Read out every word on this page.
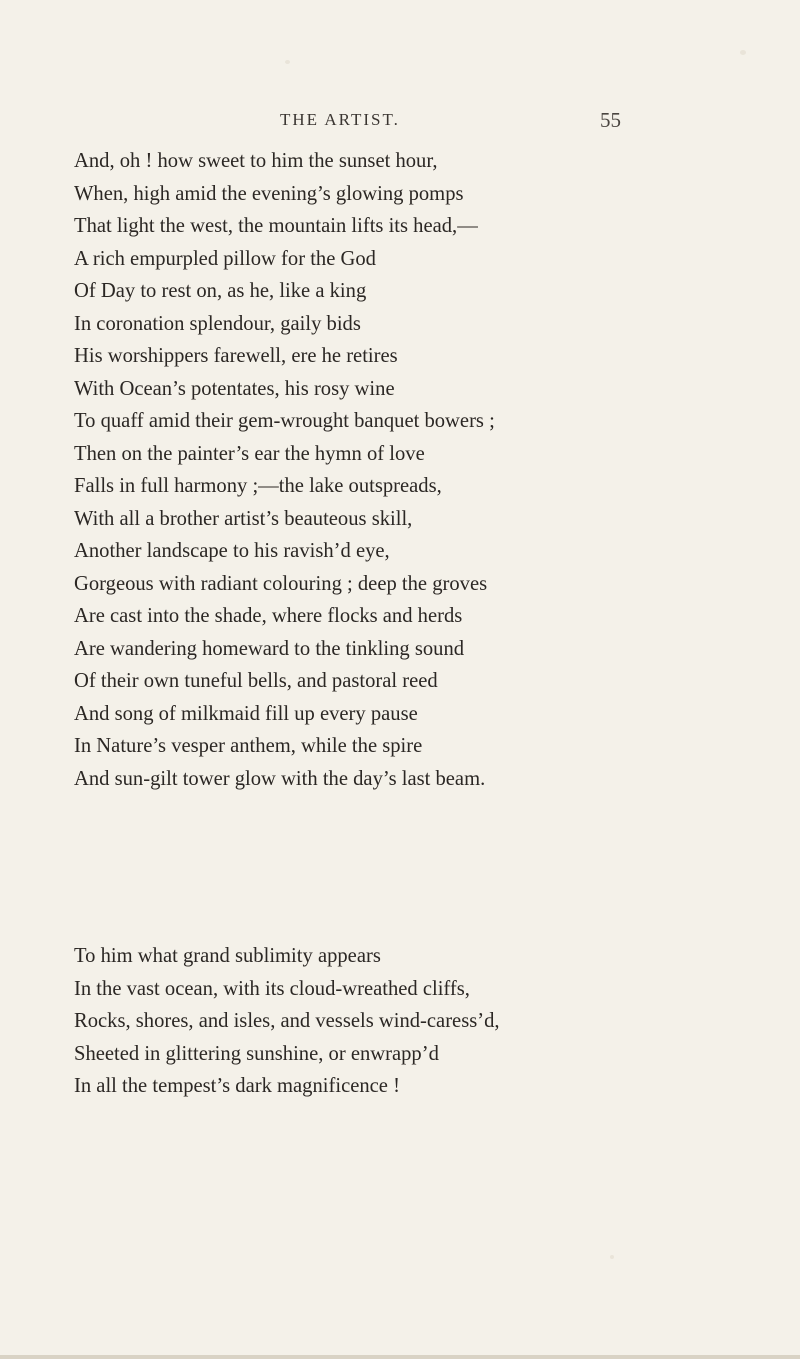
THE ARTIST.	55
And, oh ! how sweet to him the sunset hour,
When, high amid the evening’s glowing pomps
That light the west, the mountain lifts its head,—
A rich empurpled pillow for the God
Of Day to rest on, as he, like a king
In coronation splendour, gaily bids
His worshippers farewell, ere he retires
With Ocean’s potentates, his rosy wine
To quaff amid their gem-wrought banquet bowers ;
Then on the painter’s ear the hymn of love
Falls in full harmony ;—the lake outspreads,
With all a brother artist’s beauteous skill,
Another landscape to his ravish’d eye,
Gorgeous with radiant colouring ; deep the groves
Are cast into the shade, where flocks and herds
Are wandering homeward to the tinkling sound
Of their own tuneful bells, and pastoral reed
And song of milkmaid fill up every pause
In Nature’s vesper anthem, while the spire
And sun-gilt tower glow with the day’s last beam.
To him what grand sublimity appears
In the vast ocean, with its cloud-wreathed cliffs,
Rocks, shores, and isles, and vessels wind-caress’d,
Sheeted in glittering sunshine, or enwrapp’d
In all the tempest’s dark magnificence !
